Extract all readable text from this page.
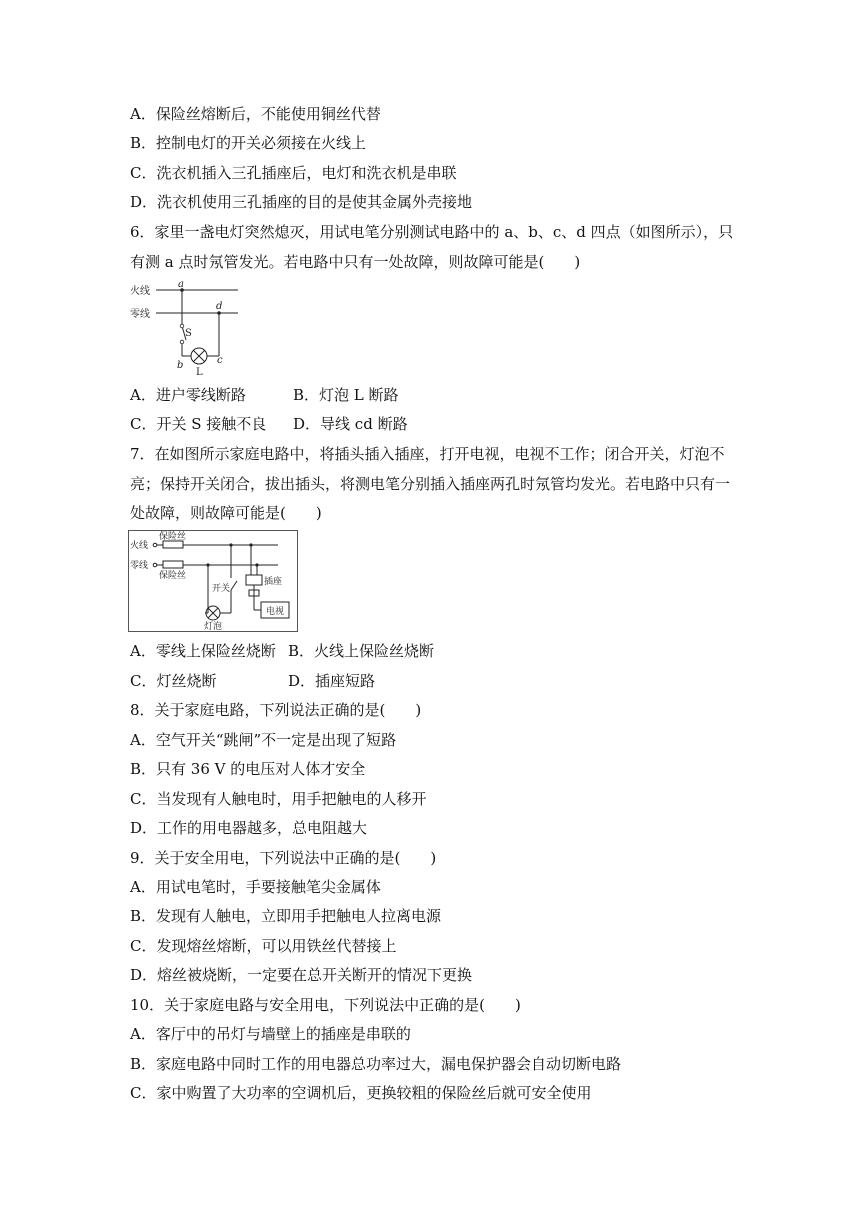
A．保险丝熔断后，不能使用铜丝代替
B．控制电灯的开关必须接在火线上
C．洗衣机插入三孔插座后，电灯和洗衣机是串联
D．洗衣机使用三孔插座的目的是使其金属外壳接地
6．家里一盏电灯突然熄灭，用试电笔分别测试电路中的 a、b、c、d 四点（如图所示），只
有测 a 点时氖管发光。若电路中只有一处故障，则故障可能是(　　)
火线
零线
a
d
S
b	c
L
A．进户零线断路	B．灯泡 L 断路
C．开关 S 接触不良 D．导线 cd 断路
7．在如图所示家庭电路中，将插头插入插座，打开电视，电视不工作；闭合开关，灯泡不
亮；保持开关闭合，拔出插头，将测电笔分别插入插座两孔时氖管均发光。若电路中只有一
处故障，则故障可能是(　　)
火线
零线
保险丝
保险丝
开关
插座
电视
灯泡
A．零线上保险丝烧断 B．火线上保险丝烧断
C．灯丝烧断	D．插座短路
8．关于家庭电路，下列说法正确的是(　　)
A．空气开关“跳闸”不一定是出现了短路
B．只有 36 V 的电压对人体才安全
C．当发现有人触电时，用手把触电的人移开
D．工作的用电器越多，总电阻越大
9．关于安全用电，下列说法中正确的是(　　)
A．用试电笔时，手要接触笔尖金属体
B．发现有人触电，立即用手把触电人拉离电源
C．发现熔丝熔断，可以用铁丝代替接上
D．熔丝被烧断，一定要在总开关断开的情况下更换
10．关于家庭电路与安全用电，下列说法中正确的是(　　)
A．客厅中的吊灯与墙壁上的插座是串联的
B．家庭电路中同时工作的用电器总功率过大，漏电保护器会自动切断电路
C．家中购置了大功率的空调机后，更换较粗的保险丝后就可安全使用
